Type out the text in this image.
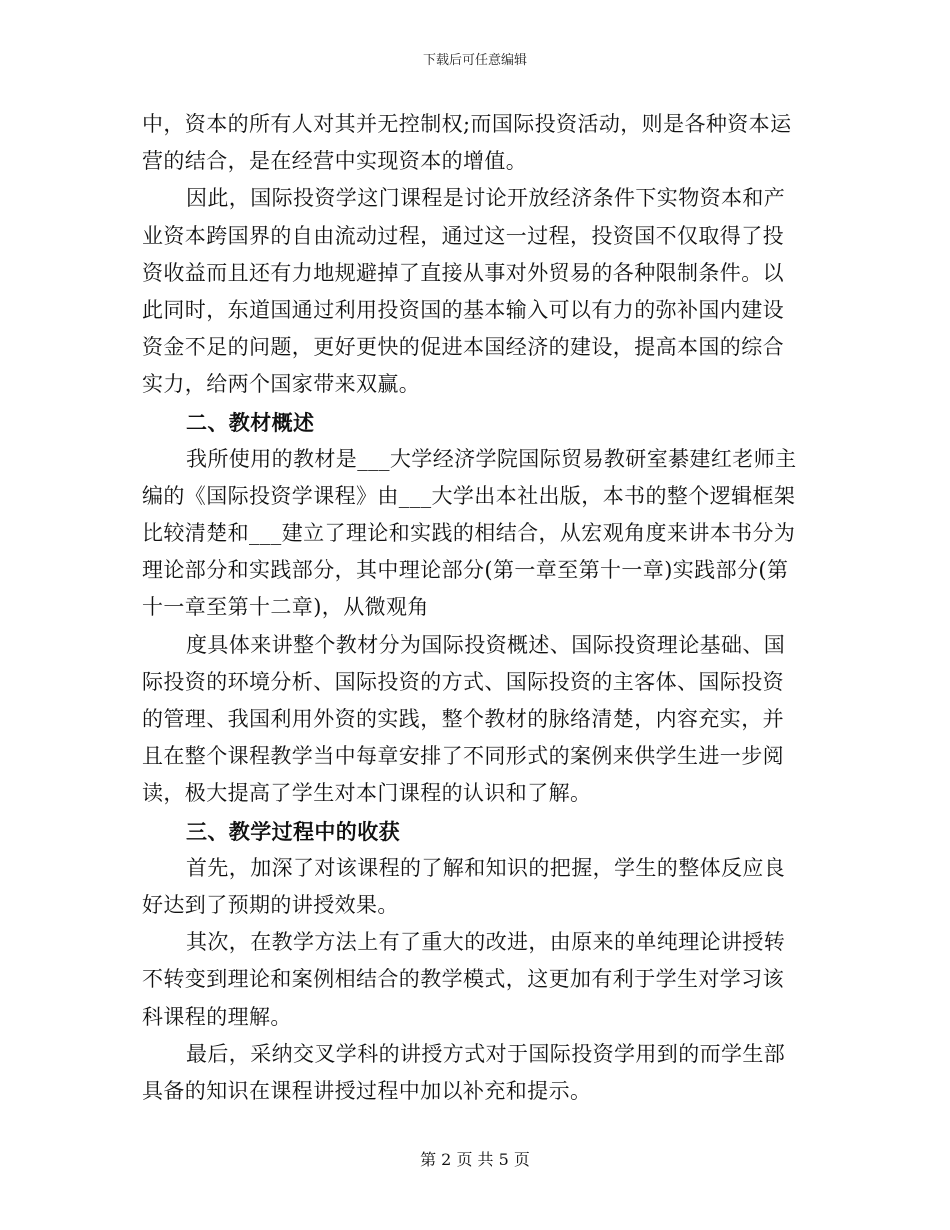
下载后可任意编辑
中，资本的所有人对其并无控制权;而国际投资活动，则是各种资本运
营的结合，是在经营中实现资本的增值。
因此，国际投资学这门课程是讨论开放经济条件下实物资本和产
业资本跨国界的自由流动过程，通过这一过程，投资国不仅取得了投
资收益而且还有力地规避掉了直接从事对外贸易的各种限制条件。以
此同时，东道国通过利用投资国的基本输入可以有力的弥补国内建设
资金不足的问题，更好更快的促进本国经济的建设，提高本国的综合
实力，给两个国家带来双赢。
二、教材概述
我所使用的教材是___大学经济学院国际贸易教研室綦建红老师主
编的《国际投资学课程》由___大学出本社出版，本书的整个逻辑框架
比较清楚和___建立了理论和实践的相结合，从宏观角度来讲本书分为
理论部分和实践部分，其中理论部分(第一章至第十一章)实践部分(第
十一章至第十二章)，从微观角
度具体来讲整个教材分为国际投资概述、国际投资理论基础、国
际投资的环境分析、国际投资的方式、国际投资的主客体、国际投资
的管理、我国利用外资的实践，整个教材的脉络清楚，内容充实，并
且在整个课程教学当中每章安排了不同形式的案例来供学生进一步阅
读，极大提高了学生对本门课程的认识和了解。
三、教学过程中的收获
首先，加深了对该课程的了解和知识的把握，学生的整体反应良
好达到了预期的讲授效果。
其次，在教学方法上有了重大的改进，由原来的单纯理论讲授转
不转变到理论和案例相结合的教学模式，这更加有利于学生对学习该
科课程的理解。
最后，采纳交叉学科的讲授方式对于国际投资学用到的而学生部
具备的知识在课程讲授过程中加以补充和提示。
第 2 页 共 5 页
